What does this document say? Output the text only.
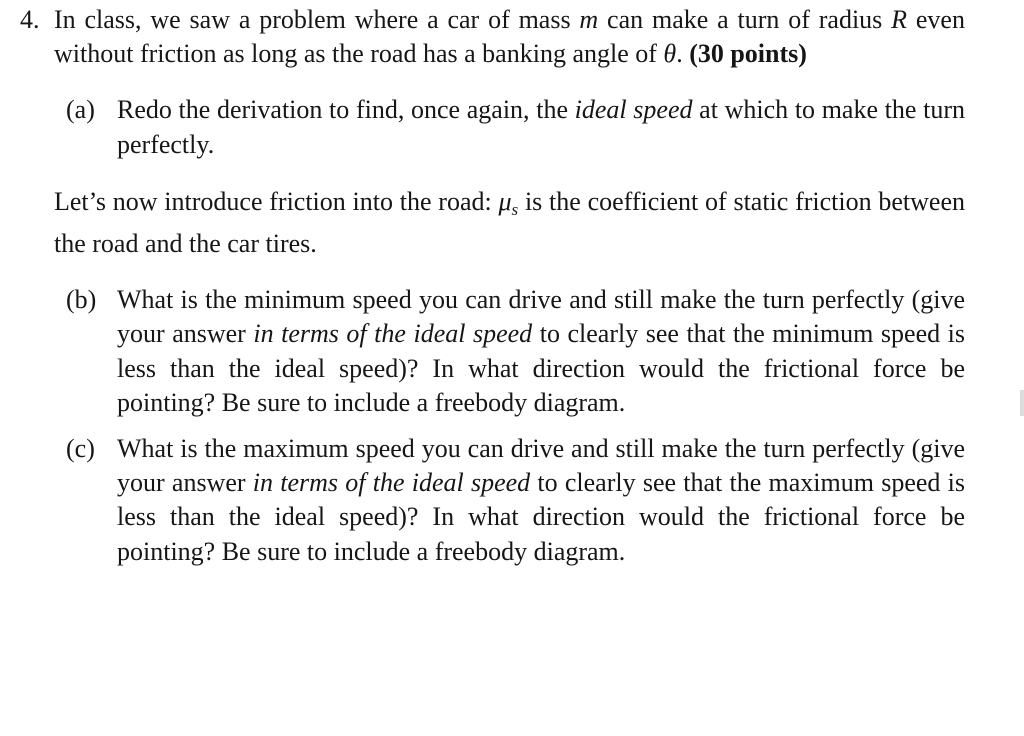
4. In class, we saw a problem where a car of mass m can make a turn of radius R even without friction as long as the road has a banking angle of θ. (30 points)
(a) Redo the derivation to find, once again, the ideal speed at which to make the turn perfectly.
Let’s now introduce friction into the road: $\mu_s$ is the coefficient of static friction between the road and the car tires.
(b) What is the minimum speed you can drive and still make the turn perfectly (give your answer in terms of the ideal speed to clearly see that the minimum speed is less than the ideal speed)? In what direction would the frictional force be pointing? Be sure to include a freebody diagram.
(c) What is the maximum speed you can drive and still make the turn perfectly (give your answer in terms of the ideal speed to clearly see that the maximum speed is less than the ideal speed)? In what direction would the frictional force be pointing? Be sure to include a freebody diagram.
